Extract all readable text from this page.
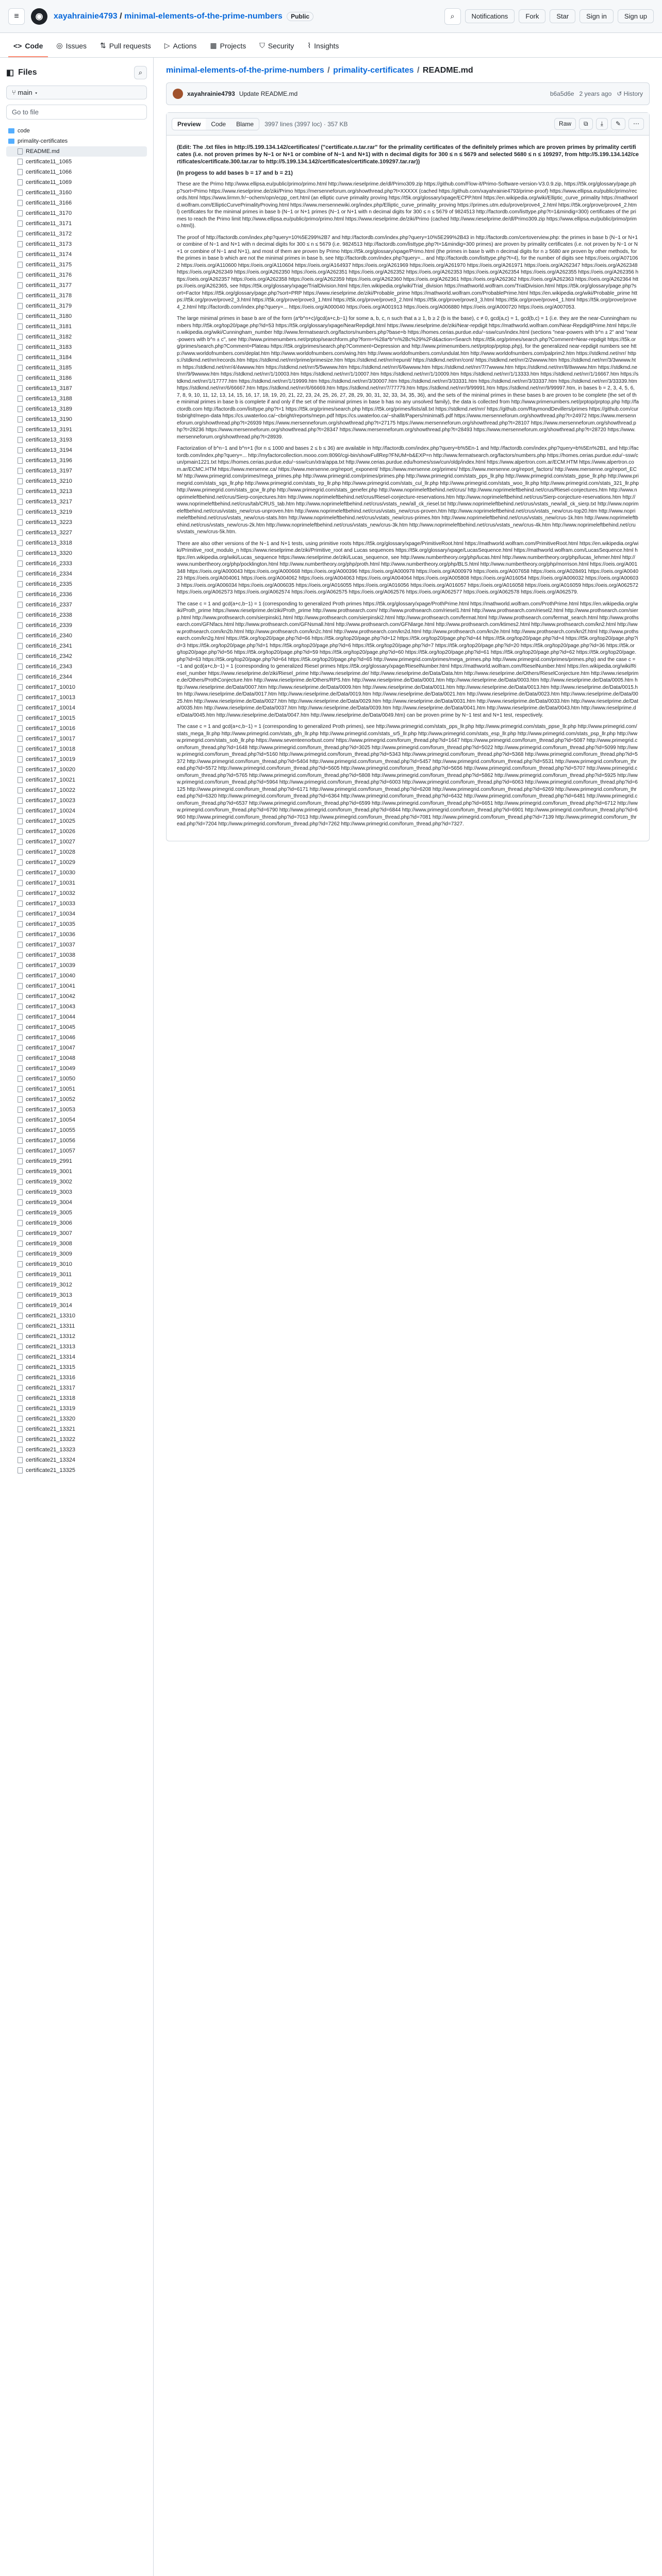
≡	◉	xayahrainie4793 / minimal-elements-of-the-prime-numbers Public	⌕	Notifications	Fork	Star	Sign in	Sign up
<> Code ◎ Issues ⇅ Pull requests ▷ Actions ▦ Projects ⛉ Security ⌇ Insights
◧ Files	⌕
⑂ main ▾
Go to file
code
primality-certificates
README.md
certificate11_1065
certificate11_1066
certificate11_1069
certificate11_3160
certificate11_3166
certificate11_3170
certificate11_3171
certificate11_3172
certificate11_3173
certificate11_3174
certificate11_3175
certificate11_3176
certificate11_3177
certificate11_3178
certificate11_3179
certificate11_3180
certificate11_3181
certificate11_3182
certificate11_3183
certificate11_3184
certificate11_3185
certificate11_3186
certificate13_3187
certificate13_3188
certificate13_3189
certificate13_3190
certificate13_3191
certificate13_3193
certificate13_3194
certificate13_3196
certificate13_3197
certificate13_3210
certificate13_3213
certificate13_3217
certificate13_3219
certificate13_3223
certificate13_3227
certificate13_3318
certificate13_3320
certificate16_2333
certificate16_2334
certificate16_2335
certificate16_2336
certificate16_2337
certificate16_2338
certificate16_2339
certificate16_2340
certificate16_2341
certificate16_2342
certificate16_2343
certificate16_2344
certificate17_10010
certificate17_10013
certificate17_10014
certificate17_10015
certificate17_10016
certificate17_10017
certificate17_10018
certificate17_10019
certificate17_10020
certificate17_10021
certificate17_10022
certificate17_10023
certificate17_10024
certificate17_10025
certificate17_10026
certificate17_10027
certificate17_10028
certificate17_10029
certificate17_10030
certificate17_10031
certificate17_10032
certificate17_10033
certificate17_10034
certificate17_10035
certificate17_10036
certificate17_10037
certificate17_10038
certificate17_10039
certificate17_10040
certificate17_10041
certificate17_10042
certificate17_10043
certificate17_10044
certificate17_10045
certificate17_10046
certificate17_10047
certificate17_10048
certificate17_10049
certificate17_10050
certificate17_10051
certificate17_10052
certificate17_10053
certificate17_10054
certificate17_10055
certificate17_10056
certificate17_10057
certificate19_2991
certificate19_3001
certificate19_3002
certificate19_3003
certificate19_3004
certificate19_3005
certificate19_3006
certificate19_3007
certificate19_3008
certificate19_3009
certificate19_3010
certificate19_3011
certificate19_3012
certificate19_3013
certificate19_3014
certificate21_13310
certificate21_13311
certificate21_13312
certificate21_13313
certificate21_13314
certificate21_13315
certificate21_13316
certificate21_13317
certificate21_13318
certificate21_13319
certificate21_13320
certificate21_13321
certificate21_13322
certificate21_13323
certificate21_13324
certificate21_13325
minimal-elements-of-the-prime-numbers / primality-certificates / README.md
xayahrainie4793 Update README.md	b6a5d6e 2 years ago ↺ History
Preview	Code	Blame	3997 lines (3997 loc) · 357 KB	Raw	⧉	⤓	✎	⋯
(Edit: The .txt files in http://5.199.134.142/certificates/ ("certificate.n.tar.rar" for the primality certificates of the definitely primes which are proven primes by primality certificates (i.e. not proven primes by N−1 or N+1 or combine of N−1 and N+1) with n decimal digits for 300 ≤ n ≤ 5679 and selected 5680 ≤ n ≤ 109297, from http://5.199.134.142/certificates/certificate.300.tar.rar to http://5.199.134.142/certificates/certificate.109297.tar.rar))
(In progess to add bases b = 17 and b = 21)

These are the Primo http://www.ellipsa.eu/public/primo/primo.html http://www.rieselprime.de/dl/Primo309.zip https://github.com/Flow-it/Primo-Software-version-V3.0.9.zip, https://t5k.org/glossary/page.php?sort=Primo https://www.rieselprime.de/ziki/Primo https://mersenneforum.org/showthread.php?t=XXXXX (cached https://github.com/xayahrainie4793/prime-proof) https://www.ellipsa.eu/public/primo/records.html https://www.lirmm.fr/~ochem/opn/ecpp_cert.html (an elliptic curve primality proving https://t5k.org/glossary/xpage/ECPP.html https://en.wikipedia.org/wiki/Elliptic_curve_primality https://mathworld.wolfram.com/EllipticCurvePrimalityProving.html https://www.mersennewiki.org/index.php/Elliptic_curve_primality_proving https://primes.utm.edu/prove/prove4_2.html https://t5k.org/prove/prove4_2.html) certificates for the minimal primes in base b (N−1 or N+1 primes (N−1 or N+1 with n decimal digits for 300 ≤ n ≤ 5679 of 9824513 http://factordb.com/listtype.php?t=1&mindig=300) certificates of the primes to reach the Primo limit http://www.ellipsa.eu/public/primo/primo.html https://www.rieselprime.de/ziki/Primo (cached http://www.rieselprime.de/dl/Primo309.zip https://www.ellipsa.eu/public/primo/primo.html)).

The proof of http://factordb.com/index.php?query=10%5E299%2B7 and http://factordb.com/index.php?query=10%5E299%2B43 in http://factordb.com/certoverview.php: the primes in base b (N−1 or N+1 or combine of N−1 and N+1 with n decimal digits for 300 ≤ n ≤ 5679 (i.e. 9824513 http://factordb.com/listtype.php?t=1&mindig=300 primes) are proven by primality certificates (i.e. not proven by N−1 or N+1 or combine of N−1 and N+1), and most of them are proven by Primo https://t5k.org/glossary/xpage/Primo.html (the primes in base b with n decimal digits for n ≥ 5680 are proven by other methods, for the primes in base b which are not the minimal primes in base b, see http://factordb.com/index.php?query=... and http://factordb.com/listtype.php?t=4), for the number of digits see https://oeis.org/A071062 https://oeis.org/A110600 https://oeis.org/A110604 https://oeis.org/A164937 https://oeis.org/A261969 https://oeis.org/A261970 https://oeis.org/A261971 https://oeis.org/A262347 https://oeis.org/A262348 https://oeis.org/A262349 https://oeis.org/A262350 https://oeis.org/A262351 https://oeis.org/A262352 https://oeis.org/A262353 https://oeis.org/A262354 https://oeis.org/A262355 https://oeis.org/A262356 https://oeis.org/A262357 https://oeis.org/A262358 https://oeis.org/A262359 https://oeis.org/A262360 https://oeis.org/A262361 https://oeis.org/A262362 https://oeis.org/A262363 https://oeis.org/A262364 https://oeis.org/A262365, see https://t5k.org/glossary/xpage/TrialDivision.html https://en.wikipedia.org/wiki/Trial_division https://mathworld.wolfram.com/TrialDivision.html https://t5k.org/glossary/page.php?sort=Factor https://t5k.org/glossary/page.php?sort=PRP https://www.rieselprime.de/ziki/Probable_prime https://mathworld.wolfram.com/ProbablePrime.html https://en.wikipedia.org/wiki/Probable_prime https://t5k.org/prove/prove2_3.html https://t5k.org/prove/prove3_1.html https://t5k.org/prove/prove3_2.html https://t5k.org/prove/prove3_3.html https://t5k.org/prove/prove4_1.html https://t5k.org/prove/prove4_2.html http://factordb.com/index.php?query=... https://oeis.org/A000040 https://oeis.org/A001913 https://oeis.org/A006880 https://oeis.org/A000720 https://oeis.org/A007053.

The large minimal primes in base b are of the form (a*b^n+c)/gcd(a+c,b−1) for some a, b, c, n such that a ≥ 1, b ≥ 2 (b is the base), c ≠ 0, gcd(a,c) = 1, gcd(b,c) = 1 (i.e. they are the near-Cunningham numbers http://t5k.org/top20/page.php?id=53 https://t5k.org/glossary/xpage/NearRepdigit.html https://www.rieselprime.de/ziki/Near-repdigit https://mathworld.wolfram.com/Near-RepdigitPrime.html https://en.wikipedia.org/wiki/Cunningham_number http://www.fermatsearch.org/factors/numbers.php?base=b https://homes.cerias.purdue.edu/~ssw/cun/index.html (sections "near-powers with b^n ± 2" and "near-powers with b^n ± c", see http://www.primenumbers.net/prptop/searchform.php?form=%28a*b^n%2Bc%29%2Fd&action=Search https://t5k.org/primes/search.php?Comment=Near-repdigit https://t5k.org/primes/search.php?Comment=Plateau https://t5k.org/primes/search.php?Comment=Depression and http://www.primenumbers.net/prptop/prptop.php), for the generalized near-repdigit numbers see http://www.worldofnumbers.com/deplat.htm http://www.worldofnumbers.com/wing.htm http://www.worldofnumbers.com/undulat.htm http://www.worldofnumbers.com/palprim2.htm https://stdkmd.net/nrr/ https://stdkmd.net/nrr/records.htm https://stdkmd.net/nrr/prime/primesize.htm https://stdkmd.net/nrr/repunit/ https://stdkmd.net/nrr/cont/ https://stdkmd.net/nrr/2/2wwww.htm https://stdkmd.net/nrr/3/3wwww.htm https://stdkmd.net/nrr/4/4wwww.htm https://stdkmd.net/nrr/5/5wwww.htm https://stdkmd.net/nrr/6/6wwww.htm https://stdkmd.net/nrr/7/7wwww.htm https://stdkmd.net/nrr/8/8wwww.htm https://stdkmd.net/nrr/9/9wwww.htm https://stdkmd.net/nrr/1/10003.htm https://stdkmd.net/nrr/1/10007.htm https://stdkmd.net/nrr/1/10009.htm https://stdkmd.net/nrr/1/13333.htm https://stdkmd.net/nrr/1/16667.htm https://stdkmd.net/nrr/1/17777.htm https://stdkmd.net/nrr/1/19999.htm https://stdkmd.net/nrr/3/30007.htm https://stdkmd.net/nrr/3/33331.htm https://stdkmd.net/nrr/3/33337.htm https://stdkmd.net/nrr/3/33339.htm https://stdkmd.net/nrr/6/66667.htm https://stdkmd.net/nrr/6/66669.htm https://stdkmd.net/nrr/7/77779.htm https://stdkmd.net/nrr/9/99991.htm https://stdkmd.net/nrr/9/99997.htm, in bases b = 2, 3, 4, 5, 6, 7, 8, 9, 10, 11, 12, 13, 14, 15, 16, 17, 18, 19, 20, 21, 22, 23, 24, 25, 26, 27, 28, 29, 30, 31, 32, 33, 34, 35, 36), and the sets of the minimal primes in these bases b are proven to be complete (the set of the minimal primes in base b is complete if and only if the set of the minimal primes in base b has no any unsolved family), the data is collected from http://www.primenumbers.net/prptop/prptop.php http://factordb.com http://factordb.com/listtype.php?t=1 https://t5k.org/primes/search.php https://t5k.org/primes/lists/all.txt https://stdkmd.net/nrr/ https://github.com/RaymondDevillers/primes https://github.com/curtisbright/mepn-data https://cs.uwaterloo.ca/~cbright/reports/mepn.pdf https://cs.uwaterloo.ca/~shallit/Papers/minimal5.pdf https://www.mersenneforum.org/showthread.php?t=24972 https://www.mersenneforum.org/showthread.php?t=26939 https://www.mersenneforum.org/showthread.php?t=27175 https://www.mersenneforum.org/showthread.php?t=28107 https://www.mersenneforum.org/showthread.php?t=28236 https://www.mersenneforum.org/showthread.php?t=28347 https://www.mersenneforum.org/showthread.php?t=28493 https://www.mersenneforum.org/showthread.php?t=28720 https://www.mersenneforum.org/showthread.php?t=28939.

Factorization of b^n−1 and b^n+1 (for n ≤ 1000 and bases 2 ≤ b ≤ 36) are available in http://factordb.com/index.php?query=b%5En-1 and http://factordb.com/index.php?query=b%5En%2B1, and http://factordb.com/index.php?query=... http://myfactorcollection.mooo.com:8090/cgi-bin/showFullRep?FNUM=b&EXP=n http://www.fermatsearch.org/factors/numbers.php https://homes.cerias.purdue.edu/~ssw/cun/pmain1221.txt https://homes.cerias.purdue.edu/~ssw/cun/xtra/appa.txt http://www.cerias.purdue.edu/homes/ssw/cun/oldp/index.html https://www.alpertron.com.ar/ECM.HTM https://www.alpertron.com.ar/ECMC.HTM https://www.mersenne.ca/ https://www.mersenne.org/report_exponent/ https://www.mersenne.org/primes/ https://www.mersenne.org/report_factors/ http://www.mersenne.org/report_ECM/ http://www.primegrid.com/primes/mega_primes.php http://www.primegrid.com/primes/primes.php http://www.primegrid.com/stats_pps_llr.php http://www.primegrid.com/stats_ppse_llr.php http://www.primegrid.com/stats_sgs_llr.php http://www.primegrid.com/stats_trp_llr.php http://www.primegrid.com/stats_cul_llr.php http://www.primegrid.com/stats_woo_llr.php http://www.primegrid.com/stats_321_llr.php http://www.primegrid.com/stats_gcw_llr.php http://www.primegrid.com/stats_genefer.php http://www.noprimeleftbehind.net/crus/ http://www.noprimeleftbehind.net/crus/Riesel-conjectures.htm http://www.noprimeleftbehind.net/crus/Sierp-conjectures.htm http://www.noprimeleftbehind.net/crus/Riesel-conjecture-reservations.htm http://www.noprimeleftbehind.net/crus/Sierp-conjecture-reservations.htm http://www.noprimeleftbehind.net/crus/tab/CRUS_tab.htm http://www.noprimeleftbehind.net/crus/vstats_new/all_ck_riesel.txt http://www.noprimeleftbehind.net/crus/vstats_new/all_ck_sierp.txt http://www.noprimeleftbehind.net/crus/vstats_new/crus-unproven.htm http://www.noprimeleftbehind.net/crus/vstats_new/crus-proven.htm http://www.noprimeleftbehind.net/crus/vstats_new/crus-top20.htm http://www.noprimeleftbehind.net/crus/vstats_new/crus-stats.htm http://www.noprimeleftbehind.net/crus/vstats_new/crus-primes.htm http://www.noprimeleftbehind.net/crus/vstats_new/crus-1k.htm http://www.noprimeleftbehind.net/crus/vstats_new/crus-2k.htm http://www.noprimeleftbehind.net/crus/vstats_new/crus-3k.htm http://www.noprimeleftbehind.net/crus/vstats_new/crus-4k.htm http://www.noprimeleftbehind.net/crus/vstats_new/crus-5k.htm.

There are also other versions of the N−1 and N+1 tests, using primitive roots https://t5k.org/glossary/xpage/PrimitiveRoot.html https://mathworld.wolfram.com/PrimitiveRoot.html https://en.wikipedia.org/wiki/Primitive_root_modulo_n https://www.rieselprime.de/ziki/Primitive_root and Lucas sequences https://t5k.org/glossary/xpage/LucasSequence.html https://mathworld.wolfram.com/LucasSequence.html https://en.wikipedia.org/wiki/Lucas_sequence https://www.rieselprime.de/ziki/Lucas_sequence, see http://www.numbertheory.org/php/lucas.html http://www.numbertheory.org/php/lucas_lehmer.html http://www.numbertheory.org/php/pocklington.html http://www.numbertheory.org/php/proth.html http://www.numbertheory.org/php/BLS.html http://www.numbertheory.org/php/morrison.html https://oeis.org/A001348 https://oeis.org/A000043 https://oeis.org/A000668 https://oeis.org/A000396 https://oeis.org/A000978 https://oeis.org/A000979 https://oeis.org/A007658 https://oeis.org/A028491 https://oeis.org/A004023 https://oeis.org/A004061 https://oeis.org/A004062 https://oeis.org/A004063 https://oeis.org/A004064 https://oeis.org/A005808 https://oeis.org/A016054 https://oeis.org/A006032 https://oeis.org/A006033 https://oeis.org/A006034 https://oeis.org/A006035 https://oeis.org/A016055 https://oeis.org/A016056 https://oeis.org/A016057 https://oeis.org/A016058 https://oeis.org/A016059 https://oeis.org/A062572 https://oeis.org/A062573 https://oeis.org/A062574 https://oeis.org/A062575 https://oeis.org/A062576 https://oeis.org/A062577 https://oeis.org/A062578 https://oeis.org/A062579.

The case c = 1 and gcd(a+c,b−1) = 1 (corresponding to generalized Proth primes https://t5k.org/glossary/xpage/ProthPrime.html https://mathworld.wolfram.com/ProthPrime.html https://en.wikipedia.org/wiki/Proth_prime https://www.rieselprime.de/ziki/Proth_prime http://www.prothsearch.com/ http://www.prothsearch.com/riesel1.html http://www.prothsearch.com/riesel2.html http://www.prothsearch.com/sierp.html http://www.prothsearch.com/sierpinski1.html http://www.prothsearch.com/sierpinski2.html http://www.prothsearch.com/fermat.html http://www.prothsearch.com/fermat_search.html http://www.prothsearch.com/GFNfacs.html http://www.prothsearch.com/GFNsmall.html http://www.prothsearch.com/GFNlarge.html http://www.prothsearch.com/ktimes2.html http://www.prothsearch.com/kn2.html http://www.prothsearch.com/kn2b.html http://www.prothsearch.com/kn2c.html http://www.prothsearch.com/kn2d.html http://www.prothsearch.com/kn2e.html http://www.prothsearch.com/kn2f.html http://www.prothsearch.com/kn2g.html https://t5k.org/top20/page.php?id=66 https://t5k.org/top20/page.php?id=12 https://t5k.org/top20/page.php?id=44 https://t5k.org/top20/page.php?id=4 https://t5k.org/top20/page.php?id=3 https://t5k.org/top20/page.php?id=1 https://t5k.org/top20/page.php?id=6 https://t5k.org/top20/page.php?id=7 https://t5k.org/top20/page.php?id=20 https://t5k.org/top20/page.php?id=36 https://t5k.org/top20/page.php?id=56 https://t5k.org/top20/page.php?id=59 https://t5k.org/top20/page.php?id=60 https://t5k.org/top20/page.php?id=61 https://t5k.org/top20/page.php?id=62 https://t5k.org/top20/page.php?id=63 https://t5k.org/top20/page.php?id=64 https://t5k.org/top20/page.php?id=65 http://www.primegrid.com/primes/mega_primes.php http://www.primegrid.com/primes/primes.php) and the case c = −1 and gcd(a+c,b−1) = 1 (corresponding to generalized Riesel primes https://t5k.org/glossary/xpage/RieselNumber.html https://mathworld.wolfram.com/RieselNumber.html https://en.wikipedia.org/wiki/Riesel_number https://www.rieselprime.de/ziki/Riesel_prime http://www.rieselprime.de/ http://www.rieselprime.de/Data/Data.htm http://www.rieselprime.de/Others/RieselConjecture.htm http://www.rieselprime.de/Others/ProthConjecture.htm http://www.rieselprime.de/Others/RPS.htm http://www.rieselprime.de/Data/0001.htm http://www.rieselprime.de/Data/0003.htm http://www.rieselprime.de/Data/0005.htm http://www.rieselprime.de/Data/0007.htm http://www.rieselprime.de/Data/0009.htm http://www.rieselprime.de/Data/0011.htm http://www.rieselprime.de/Data/0013.htm http://www.rieselprime.de/Data/0015.htm http://www.rieselprime.de/Data/0017.htm http://www.rieselprime.de/Data/0019.htm http://www.rieselprime.de/Data/0021.htm http://www.rieselprime.de/Data/0023.htm http://www.rieselprime.de/Data/0025.htm http://www.rieselprime.de/Data/0027.htm http://www.rieselprime.de/Data/0029.htm http://www.rieselprime.de/Data/0031.htm http://www.rieselprime.de/Data/0033.htm http://www.rieselprime.de/Data/0035.htm http://www.rieselprime.de/Data/0037.htm http://www.rieselprime.de/Data/0039.htm http://www.rieselprime.de/Data/0041.htm http://www.rieselprime.de/Data/0043.htm http://www.rieselprime.de/Data/0045.htm http://www.rieselprime.de/Data/0047.htm http://www.rieselprime.de/Data/0049.htm) can be proven prime by N−1 test and N+1 test, respectively.

The case c = 1 and gcd(a+c,b−1) = 1 (corresponding to generalized Proth primes), see http://www.primegrid.com/stats_pps_llr.php http://www.primegrid.com/stats_ppse_llr.php http://www.primegrid.com/stats_mega_llr.php http://www.primegrid.com/stats_gfn_llr.php http://www.primegrid.com/stats_sr5_llr.php http://www.primegrid.com/stats_esp_llr.php http://www.primegrid.com/stats_psp_llr.php http://www.primegrid.com/stats_sob_llr.php https://www.seventeenorbust.com/ https://www.primegrid.com/forum_thread.php?id=1647 https://www.primegrid.com/forum_thread.php?id=5087 http://www.primegrid.com/forum_thread.php?id=1648 http://www.primegrid.com/forum_thread.php?id=3025 http://www.primegrid.com/forum_thread.php?id=5022 http://www.primegrid.com/forum_thread.php?id=5099 http://www.primegrid.com/forum_thread.php?id=5160 http://www.primegrid.com/forum_thread.php?id=5343 http://www.primegrid.com/forum_thread.php?id=5368 http://www.primegrid.com/forum_thread.php?id=5372 http://www.primegrid.com/forum_thread.php?id=5404 http://www.primegrid.com/forum_thread.php?id=5457 http://www.primegrid.com/forum_thread.php?id=5531 http://www.primegrid.com/forum_thread.php?id=5572 http://www.primegrid.com/forum_thread.php?id=5605 http://www.primegrid.com/forum_thread.php?id=5656 http://www.primegrid.com/forum_thread.php?id=5707 http://www.primegrid.com/forum_thread.php?id=5765 http://www.primegrid.com/forum_thread.php?id=5808 http://www.primegrid.com/forum_thread.php?id=5862 http://www.primegrid.com/forum_thread.php?id=5925 http://www.primegrid.com/forum_thread.php?id=5964 http://www.primegrid.com/forum_thread.php?id=6003 http://www.primegrid.com/forum_thread.php?id=6063 http://www.primegrid.com/forum_thread.php?id=6125 http://www.primegrid.com/forum_thread.php?id=6171 http://www.primegrid.com/forum_thread.php?id=6208 http://www.primegrid.com/forum_thread.php?id=6269 http://www.primegrid.com/forum_thread.php?id=6320 http://www.primegrid.com/forum_thread.php?id=6364 http://www.primegrid.com/forum_thread.php?id=6432 http://www.primegrid.com/forum_thread.php?id=6481 http://www.primegrid.com/forum_thread.php?id=6537 http://www.primegrid.com/forum_thread.php?id=6599 http://www.primegrid.com/forum_thread.php?id=6651 http://www.primegrid.com/forum_thread.php?id=6712 http://www.primegrid.com/forum_thread.php?id=6790 http://www.primegrid.com/forum_thread.php?id=6844 http://www.primegrid.com/forum_thread.php?id=6901 http://www.primegrid.com/forum_thread.php?id=6960 http://www.primegrid.com/forum_thread.php?id=7013 http://www.primegrid.com/forum_thread.php?id=7081 http://www.primegrid.com/forum_thread.php?id=7139 http://www.primegrid.com/forum_thread.php?id=7204 http://www.primegrid.com/forum_thread.php?id=7262 http://www.primegrid.com/forum_thread.php?id=7327.
